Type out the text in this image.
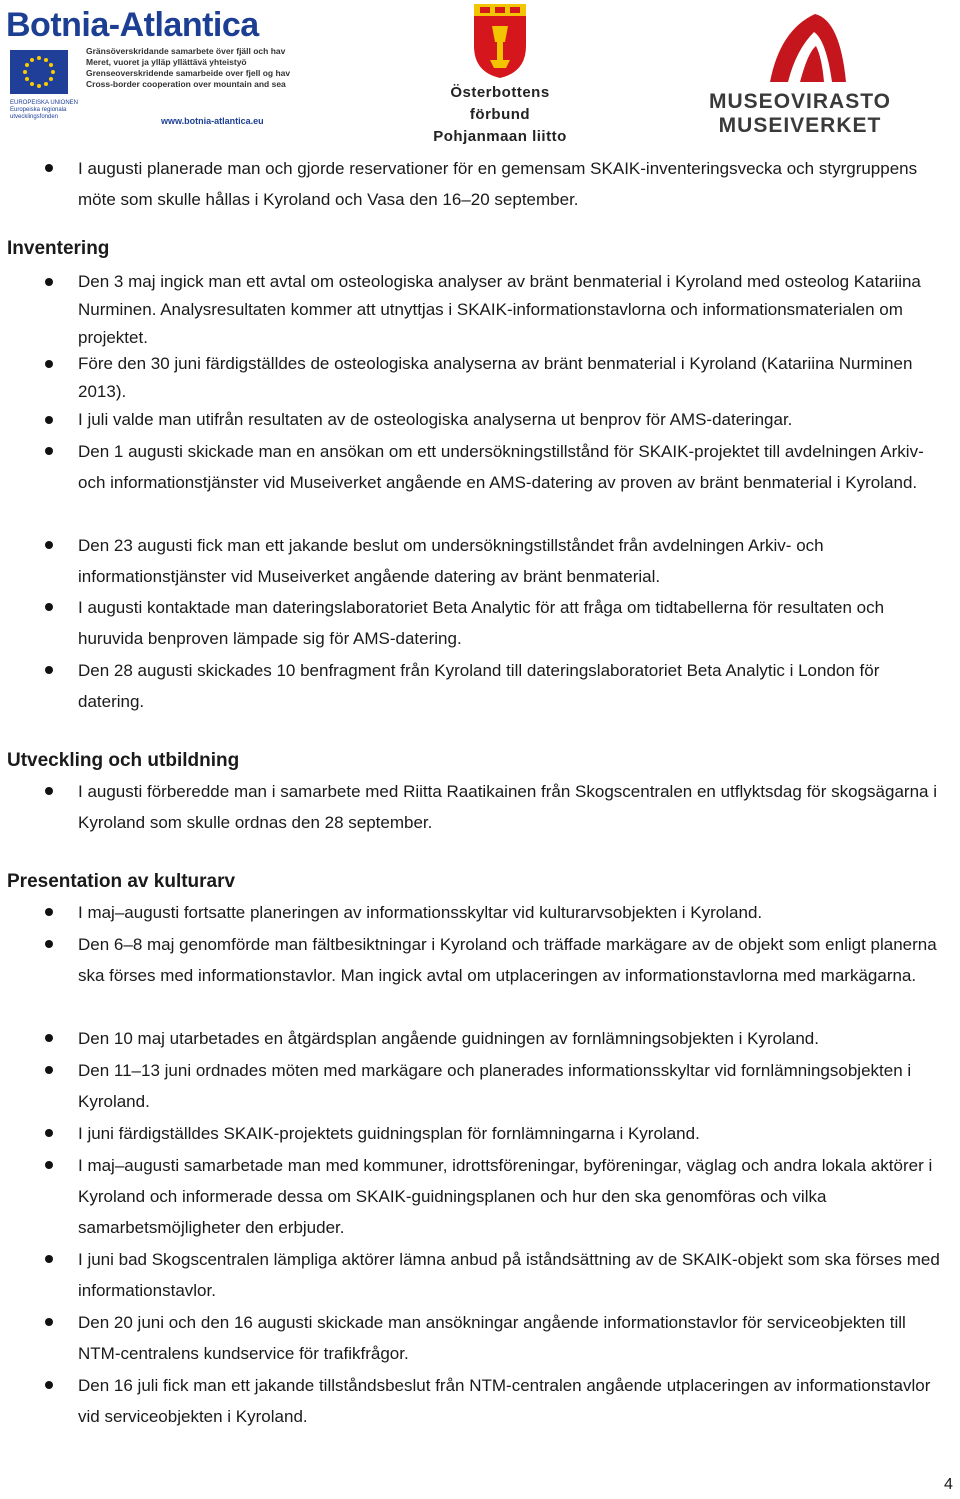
Botnia-Atlantica
EUROPEISKA UNIONEN Europeiska regionala utvecklingsfonden
Gränsöverskridande samarbete över fjäll och hav
Meret, vuoret ja ylläp yllättävä yhteistyö
Grenseoverskridende samarbeide over fjell og hav
Cross-border cooperation over mountain and sea
www.botnia-atlantica.eu
Österbottens förbund
Pohjanmaan liitto
MUSEOVIRASTO
MUSEIVERKET
I augusti planerade man och gjorde reservationer för en gemensam SKAIK-inventeringsvecka och styrgruppens möte som skulle hållas i Kyroland och Vasa den 16–20 september.
Inventering
Den 3 maj ingick man ett avtal om osteologiska analyser av bränt benmaterial i Kyroland med osteolog Katariina Nurminen. Analysresultaten kommer att utnyttjas i SKAIK-informationstavlorna och informationsmaterialen om projektet.
Före den 30 juni färdigställdes de osteologiska analyserna av bränt benmaterial i Kyroland (Katariina Nurminen 2013).
I juli valde man utifrån resultaten av de osteologiska analyserna ut benprov för AMS-dateringar.
Den 1 augusti skickade man en ansökan om ett undersökningstillstånd för SKAIK-projektet till avdelningen Arkiv- och informationstjänster vid Museiverket angående en AMS-datering av proven av bränt benmaterial i Kyroland.
Den 23 augusti fick man ett jakande beslut om undersökningstillståndet från avdelningen Arkiv- och informationstjänster vid Museiverket angående datering av bränt benmaterial.
I augusti kontaktade man dateringslaboratoriet Beta Analytic för att fråga om tidtabellerna för resultaten och huruvida benproven lämpade sig för AMS-datering.
Den 28 augusti skickades 10 benfragment från Kyroland till dateringslaboratoriet Beta Analytic i London för datering.
Utveckling och utbildning
I augusti förberedde man i samarbete med Riitta Raatikainen från Skogscentralen en utflyktsdag för skogsägarna i Kyroland som skulle ordnas den 28 september.
Presentation av kulturarv
I maj–augusti fortsatte planeringen av informationsskyltar vid kulturarvsobjekten i Kyroland.
Den 6–8 maj genomförde man fältbesiktningar i Kyroland och träffade markägare av de objekt som enligt planerna ska förses med informationstavlor. Man ingick avtal om utplaceringen av informationstavlorna med markägarna.
Den 10 maj utarbetades en åtgärdsplan angående guidningen av fornlämningsobjekten i Kyroland.
Den 11–13 juni ordnades möten med markägare och planerades informationsskyltar vid fornlämningsobjekten i Kyroland.
I juni färdigställdes SKAIK-projektets guidningsplan för fornlämningarna i Kyroland.
I maj–augusti samarbetade man med kommuner, idrottsföreningar, byföreningar, väglag och andra lokala aktörer i Kyroland och informerade dessa om SKAIK-guidningsplanen och hur den ska genomföras och vilka samarbetsmöjligheter den erbjuder.
I juni bad Skogscentralen lämpliga aktörer lämna anbud på iståndsättning av de SKAIK-objekt som ska förses med informationstavlor.
Den 20 juni och den 16 augusti skickade man ansökningar angående informationstavlor för serviceobjekten till NTM-centralens kundservice för trafikfrågor.
Den 16 juli fick man ett jakande tillståndsbeslut från NTM-centralen angående utplaceringen av informationstavlor vid serviceobjekten i Kyroland.
4
